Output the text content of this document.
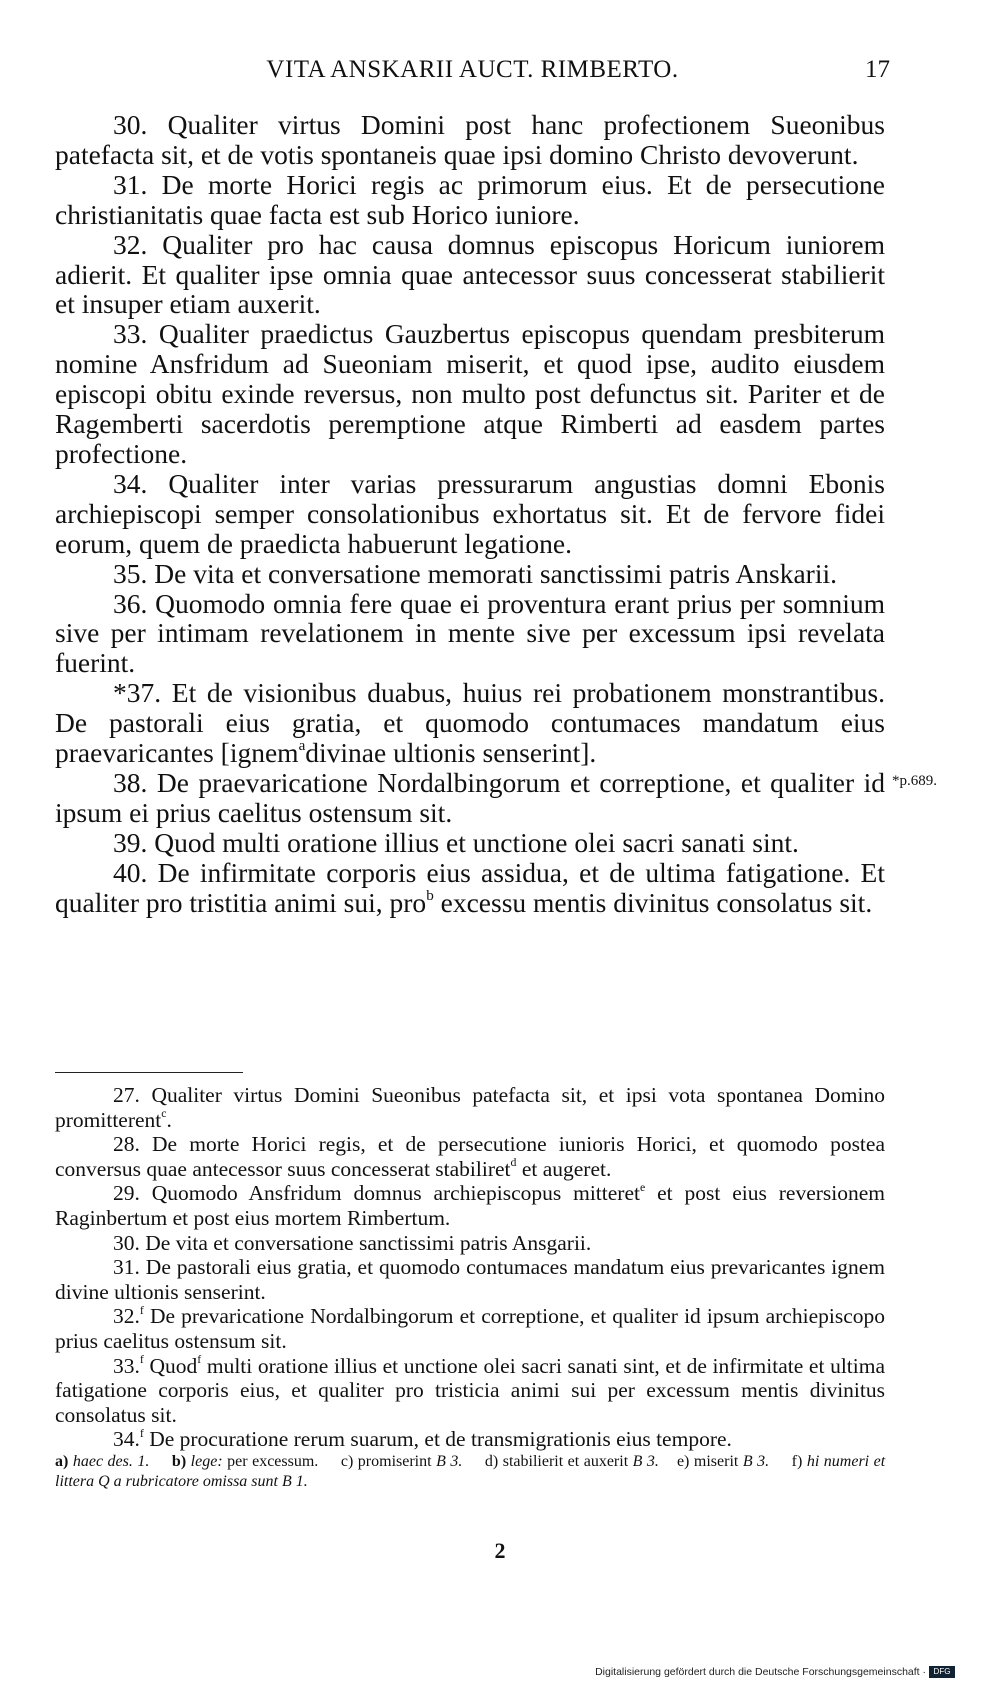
VITA ANSKARII AUCT. RIMBERTO.	17

30. Qualiter virtus Domini post hanc profectionem Sueonibus patefacta sit, et de votis spontaneis quae ipsi domino Christo devoverunt.

31. De morte Horici regis ac primorum eius. Et de persecutione christianitatis quae facta est sub Horico iuniore.

32. Qualiter pro hac causa domnus episcopus Horicum iuniorem adierit. Et qualiter ipse omnia quae antecessor suus concesserat stabilierit et insuper etiam auxerit.

33. Qualiter praedictus Gauzbertus episcopus quendam presbiterum nomine Ansfridum ad Sueoniam miserit, et quod ipse, audito eiusdem episcopi obitu exinde reversus, non multo post defunctus sit. Pariter et de Ragemberti sacerdotis peremptione atque Rimberti ad easdem partes profectione.

34. Qualiter inter varias pressurarum angustias domni Ebonis archiepiscopi semper consolationibus exhortatus sit. Et de fervore fidei eorum, quem de praedicta habuerunt legatione.

35. De vita et conversatione memorati sanctissimi patris Anskarii.

36. Quomodo omnia fere quae ei proventura erant prius per somnium sive per intimam revelationem in mente sive per excessum ipsi revelata fuerint.

*37. Et de visionibus duabus, huius rei probationem monstrantibus. De pastorali eius gratia, et quomodo contumaces mandatum eius praevaricantes [ignem$^a$divinae ultionis senserint].

38. De praevaricatione Nordalbingorum et correptione, et qualiter id ipsum ei prius caelitus ostensum sit.

39. Quod multi oratione illius et unctione olei sacri sanati sint.

40. De infirmitate corporis eius assidua, et de ultima fatigatione. Et qualiter pro tristitia animi sui, pro$^b$ excessu mentis divinitus consolatus sit.

*p.689.

27. Qualiter virtus Domini Sueonibus patefacta sit, et ipsi vota spontanea Domino promitterent$^c$.

28. De morte Horici regis, et de persecutione iunioris Horici, et quomodo postea conversus quae antecessor suus concesserat stabiliret$^d$ et augeret.

29. Quomodo Ansfridum domnus archiepiscopus mitteret$^e$ et post eius reversionem Raginbertum et post eius mortem Rimbertum.

30. De vita et conversatione sanctissimi patris Ansgarii.

31. De pastorali eius gratia, et quomodo contumaces mandatum eius prevaricantes ignem divine ultionis senserint.

32.$^f$ De prevaricatione Nordalbingorum et correptione, et qualiter id ipsum archiepiscopo prius caelitus ostensum sit.

33.$^f$ Quod$^f$ multi oratione illius et unctione olei sacri sanati sint, et de infirmitate et ultima fatigatione corporis eius, et qualiter pro tristicia animi sui per excessum mentis divinitus consolatus sit.

34.$^f$ De procuratione rerum suarum, et de transmigrationis eius tempore.

a) haec des. 1. b) lege: per excessum. c) promiserint B 3. d) stabilierit et auxerit B 3. e) miserit B 3. f) hi numeri et littera Q a rubricatore omissa sunt B 1.
2
Digitalisierung gefördert durch die Deutsche Forschungsgemeinschaft · DFG
